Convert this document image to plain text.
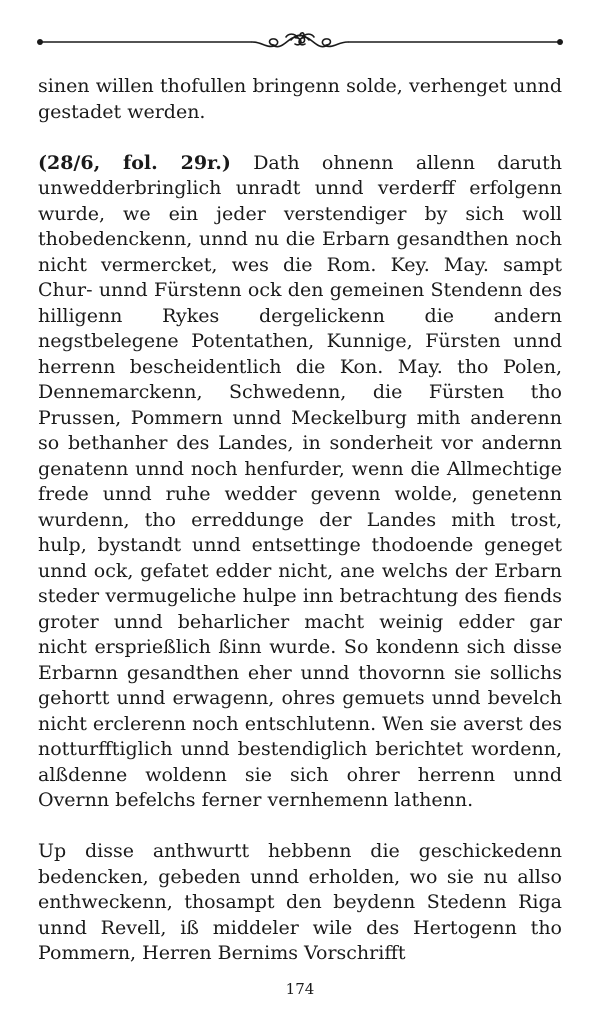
sinen willen thofullen bringenn solde, verhenget unnd gestadet werden.

(28/6, fol. 29r.) Dath ohnenn allenn daruth unwedderbringlich unradt unnd verderff erfolgenn wurde, we ein jeder verstendiger by sich woll thobedenckenn, unnd nu die Erbarn gesandthen noch nicht vermercket, wes die Rom. Key. May. sampt Chur- unnd Fürstenn ock den gemeinen Stendenn des hilligenn Rykes dergelickenn die andern negstbelegene Potentathen, Kunnige, Fürsten unnd herrenn bescheidentlich die Kon. May. tho Polen, Dennemarckenn, Schwedenn, die Fürsten tho Prussen, Pommern unnd Meckelburg mith anderenn so bethanher des Landes, in sonderheit vor andernn genatenn unnd noch henfurder, wenn die Allmechtige frede unnd ruhe wedder gevenn wolde, genetenn wurdenn, tho erreddunge der Landes mith trost, hulp, bystandt unnd entsettinge thodoende geneget unnd ock, gefatet edder nicht, ane welchs der Erbarn steder vermugeliche hulpe inn betrachtung des fiends groter unnd beharlicher macht weinig edder gar nicht ersprießlich ßinn wurde. So kondenn sich disse Erbarnn gesandthen eher unnd thovornn sie sollichs gehortt unnd erwagenn, ohres gemuets unnd bevelch nicht erclerenn noch entschlutenn. Wen sie averst des notturfftiglich unnd bestendiglich berichtet wordenn, alßdenne woldenn sie sich ohrer herrenn unnd Overnn befelchs ferner vernhemenn lathenn.

Up disse anthwurtt hebbenn die geschickedenn bedencken, gebeden unnd erholden, wo sie nu allso enthweckenn, thosampt den beydenn Stedenn Riga unnd Revell, iß middeler wile des Hertogenn tho Pommern, Herren Bernims Vorschrifft

174
